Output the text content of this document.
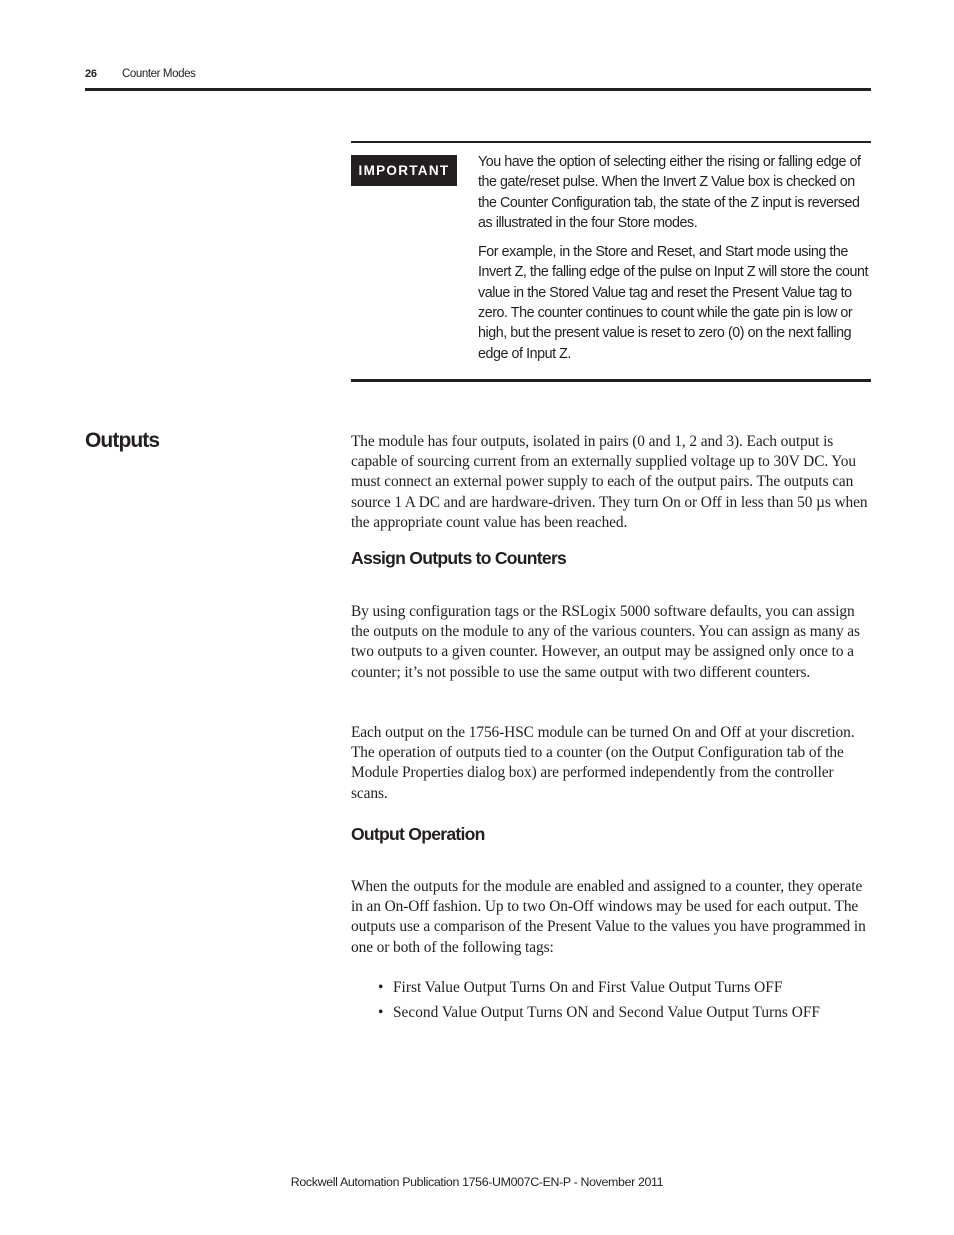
26 Counter Modes
IMPORTANT

You have the option of selecting either the rising or falling edge of the gate/reset pulse. When the Invert Z Value box is checked on the Counter Configuration tab, the state of the Z input is reversed as illustrated in the four Store modes.

For example, in the Store and Reset, and Start mode using the Invert Z, the falling edge of the pulse on Input Z will store the count value in the Stored Value tag and reset the Present Value tag to zero. The counter continues to count while the gate pin is low or high, but the present value is reset to zero (0) on the next falling edge of Input Z.

Outputs	The module has four outputs, isolated in pairs (0 and 1, 2 and 3). Each output is capable of sourcing current from an externally supplied voltage up to 30V DC. You must connect an external power supply to each of the output pairs. The outputs can source 1 A DC and are hardware-driven. They turn On or Off in less than 50 µs when the appropriate count value has been reached.

Assign Outputs to Counters

By using configuration tags or the RSLogix 5000 software defaults, you can assign the outputs on the module to any of the various counters. You can assign as many as two outputs to a given counter. However, an output may be assigned only once to a counter; it’s not possible to use the same output with two different counters.

Each output on the 1756-HSC module can be turned On and Off at your discretion. The operation of outputs tied to a counter (on the Output Configuration tab of the Module Properties dialog box) are performed independently from the controller scans.

Output Operation

When the outputs for the module are enabled and assigned to a counter, they operate in an On-Off fashion. Up to two On-Off windows may be used for each output. The outputs use a comparison of the Present Value to the values you have programmed in one or both of the following tags:

• First Value Output Turns On and First Value Output Turns OFF
• Second Value Output Turns ON and Second Value Output Turns OFF
Rockwell Automation Publication 1756-UM007C-EN-P - November 2011
